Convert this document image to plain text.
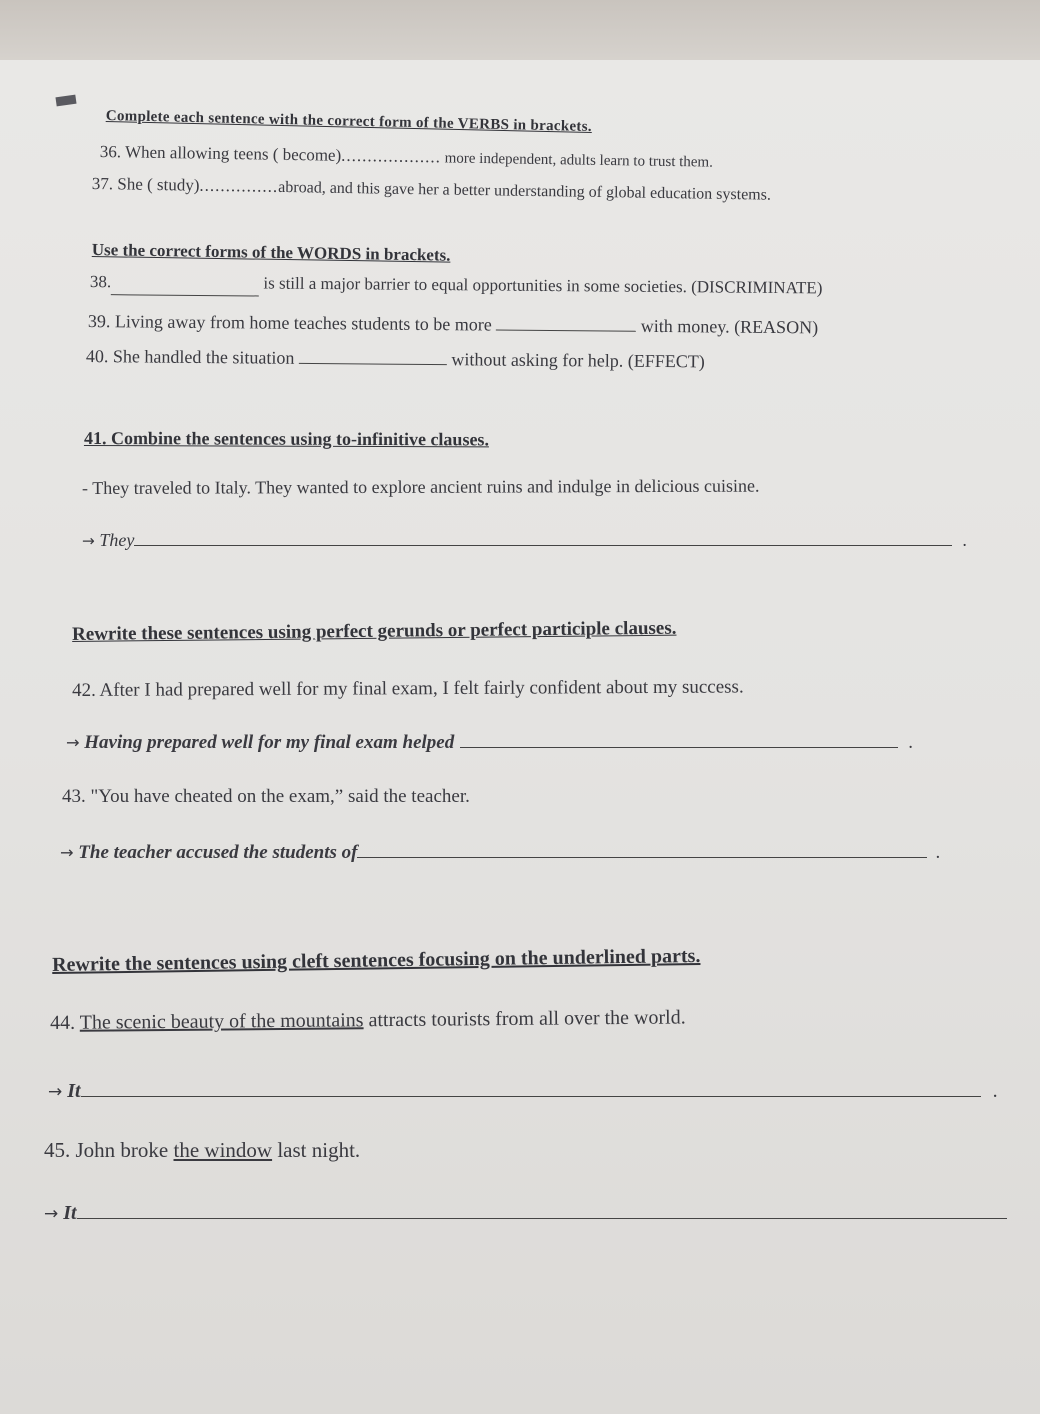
Complete each sentence with the correct form of the VERBS in brackets.
36. When allowing teens ( become)................... more independent, adults learn to trust them.
37. She ( study)...............abroad, and this gave her a better understanding of global education systems.
Use the correct forms of the WORDS in brackets.
38.	is still a major barrier to equal opportunities in some societies. (DISCRIMINATE)
39. Living away from home teaches students to be more	with money. (REASON)
40. She handled the situation	without asking for help. (EFFECT)
41. Combine the sentences using to-infinitive clauses.
- They traveled to Italy. They wanted to explore ancient ruins and indulge in delicious cuisine.
→ They	.
Rewrite these sentences using perfect gerunds or perfect participle clauses.
42. After I had prepared well for my final exam, I felt fairly confident about my success.
→ Having prepared well for my final exam helped	.
43. "You have cheated on the exam,” said the teacher.
→ The teacher accused the students of	.
Rewrite the sentences using cleft sentences focusing on the underlined parts.
44. The scenic beauty of the mountains attracts tourists from all over the world.
→ It	.
45. John broke the window last night.
→ It
